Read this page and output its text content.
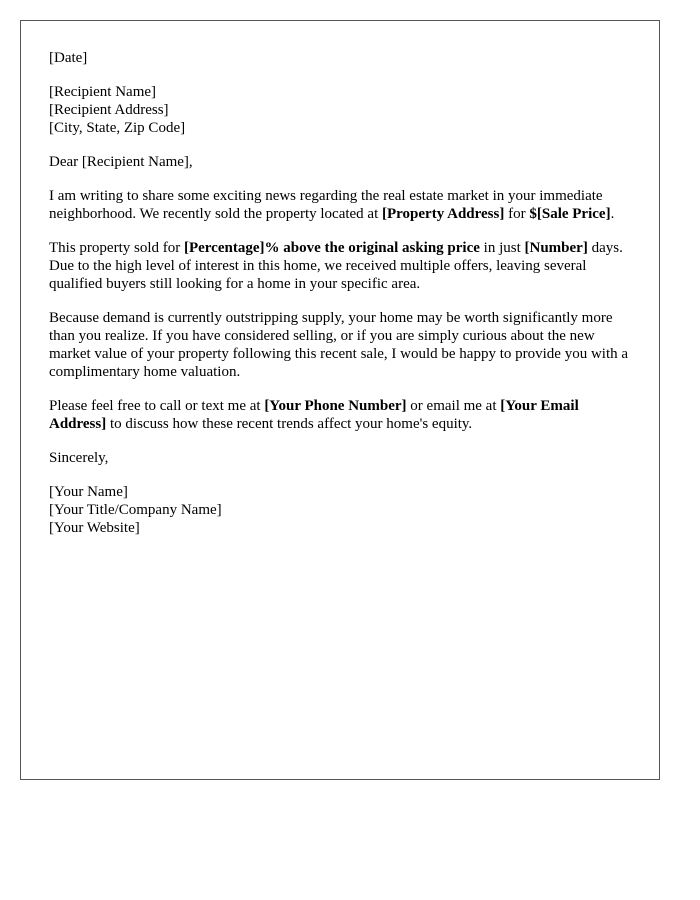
[Date]
[Recipient Name]
[Recipient Address]
[City, State, Zip Code]
Dear [Recipient Name],

I am writing to share some exciting news regarding the real estate market in your immediate neighborhood. We recently sold the property located at [Property Address] for $[Sale Price].

This property sold for [Percentage]% above the original asking price in just [Number] days. Due to the high level of interest in this home, we received multiple offers, leaving several qualified buyers still looking for a home in your specific area.

Because demand is currently outstripping supply, your home may be worth significantly more than you realize. If you have considered selling, or if you are simply curious about the new market value of your property following this recent sale, I would be happy to provide you with a complimentary home valuation.

Please feel free to call or text me at [Your Phone Number] or email me at [Your Email Address] to discuss how these recent trends affect your home's equity.

Sincerely,
[Your Name]
[Your Title/Company Name]
[Your Website]
